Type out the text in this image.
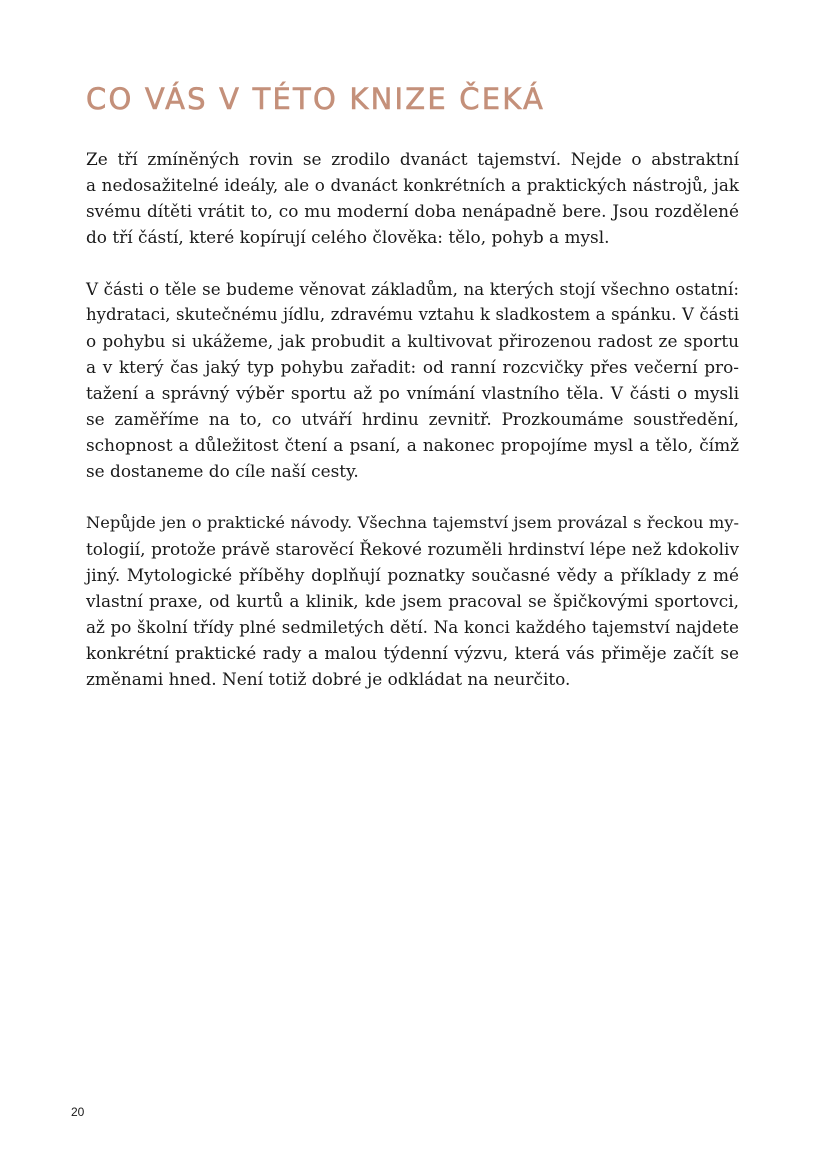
CO VÁS V TÉTO KNIZE ČEKÁ

Ze tří zmíněných rovin se zrodilo dvanáct tajemství. Nejde o abstraktní
a nedosažitelné ideály, ale o dvanáct konkrétních a praktických nástrojů, jak
svému dítěti vrátit to, co mu moderní doba nenápadně bere. Jsou rozdělené
do tří částí, které kopírují celého člověka: tělo, pohyb a mysl.

V části o těle se budeme věnovat základům, na kterých stojí všechno ostatní:
hydrataci, skutečnému jídlu, zdravému vztahu k sladkostem a spánku. V části
o pohybu si ukážeme, jak probudit a kultivovat přirozenou radost ze sportu
a v který čas jaký typ pohybu zařadit: od ranní rozcvičky přes večerní pro-
tažení a správný výběr sportu až po vnímání vlastního těla. V části o mysli
se zaměříme na to, co utváří hrdinu zevnitř. Prozkoumáme soustředění,
schopnost a důležitost čtení a psaní, a nakonec propojíme mysl a tělo, čímž
se dostaneme do cíle naší cesty.

Nepůjde jen o praktické návody. Všechna tajemství jsem provázal s řeckou my-
tologií, protože právě starověcí Řekové rozuměli hrdinství lépe než kdokoliv
jiný. Mytologické příběhy doplňují poznatky současné vědy a příklady z mé
vlastní praxe, od kurtů a klinik, kde jsem pracoval se špičkovými sportovci,
až po školní třídy plné sedmiletých dětí. Na konci každého tajemství najdete
konkrétní praktické rady a malou týdenní výzvu, která vás přiměje začít se
změnami hned. Není totiž dobré je odkládat na neurčito.

20
